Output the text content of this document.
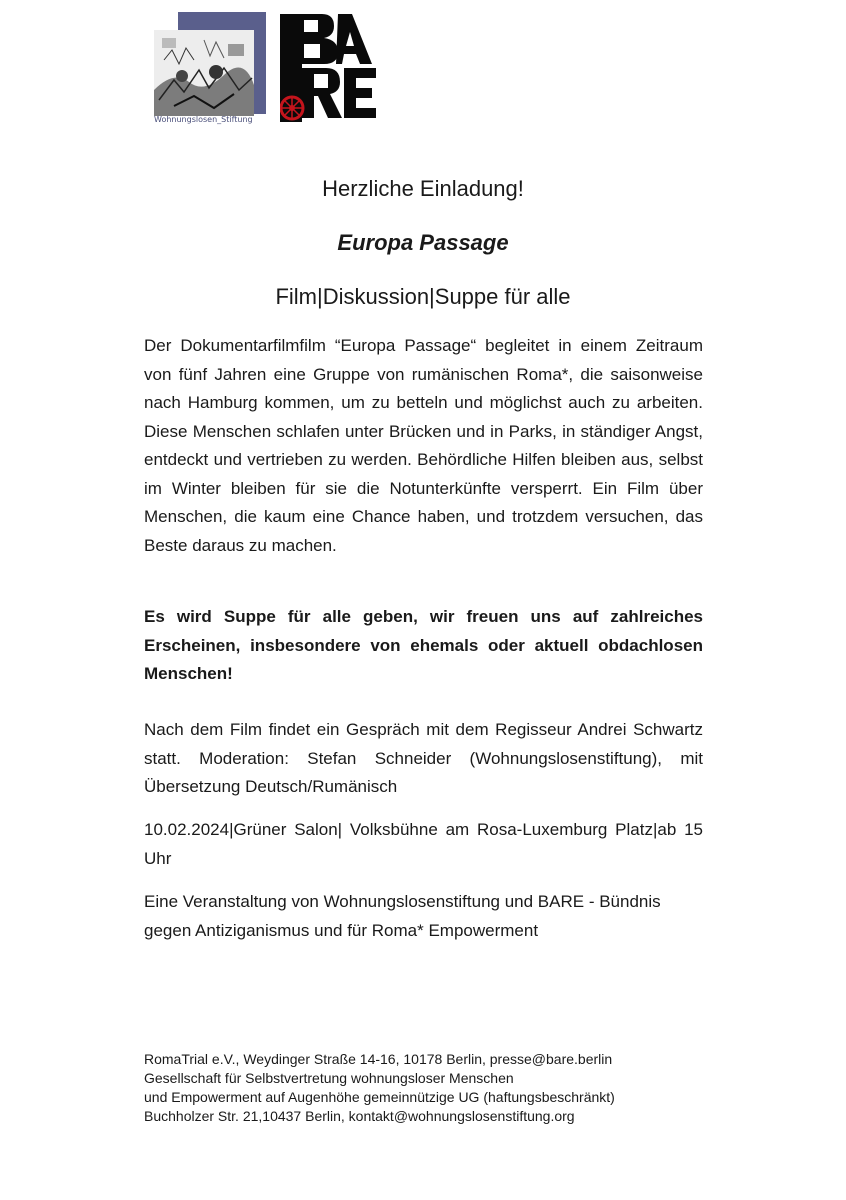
Wohnungslosen_Stiftung
Herzliche Einladung!
Europa Passage
Film|Diskussion|Suppe für alle

Der Dokumentarfilmfilm “Europa Passage“ begleitet in einem Zeitraum von fünf Jahren eine Gruppe von rumänischen Roma*, die saisonweise nach Hamburg kommen, um zu betteln und möglichst auch zu arbeiten. Diese Menschen schlafen unter Brücken und in Parks, in ständiger Angst, entdeckt und vertrieben zu werden. Behördliche Hilfen bleiben aus, selbst im Winter bleiben für sie die Notunterkünfte versperrt. Ein Film über Menschen, die kaum eine Chance haben, und trotzdem versuchen, das Beste daraus zu machen.

Es wird Suppe für alle geben, wir freuen uns auf zahlreiches Erscheinen, insbesondere von ehemals oder aktuell obdachlosen Menschen!

Nach dem Film findet ein Gespräch mit dem Regisseur Andrei Schwartz statt. Moderation: Stefan Schneider (Wohnungslosenstiftung), mit Übersetzung Deutsch/Rumänisch

10.02.2024|Grüner Salon| Volksbühne am Rosa-Luxemburg Platz|ab 15 Uhr

Eine Veranstaltung von Wohnungslosenstiftung und BARE - Bündnis gegen Antiziganismus und für Roma* Empowerment

RomaTrial e.V., Weydinger Straße 14-16, 10178 Berlin, presse@bare.berlin
Gesellschaft für Selbstvertretung wohnungsloser Menschen
und Empowerment auf Augenhöhe gemeinnützige UG (haftungsbeschränkt)
Buchholzer Str. 21,10437 Berlin, kontakt@wohnungslosenstiftung.org
